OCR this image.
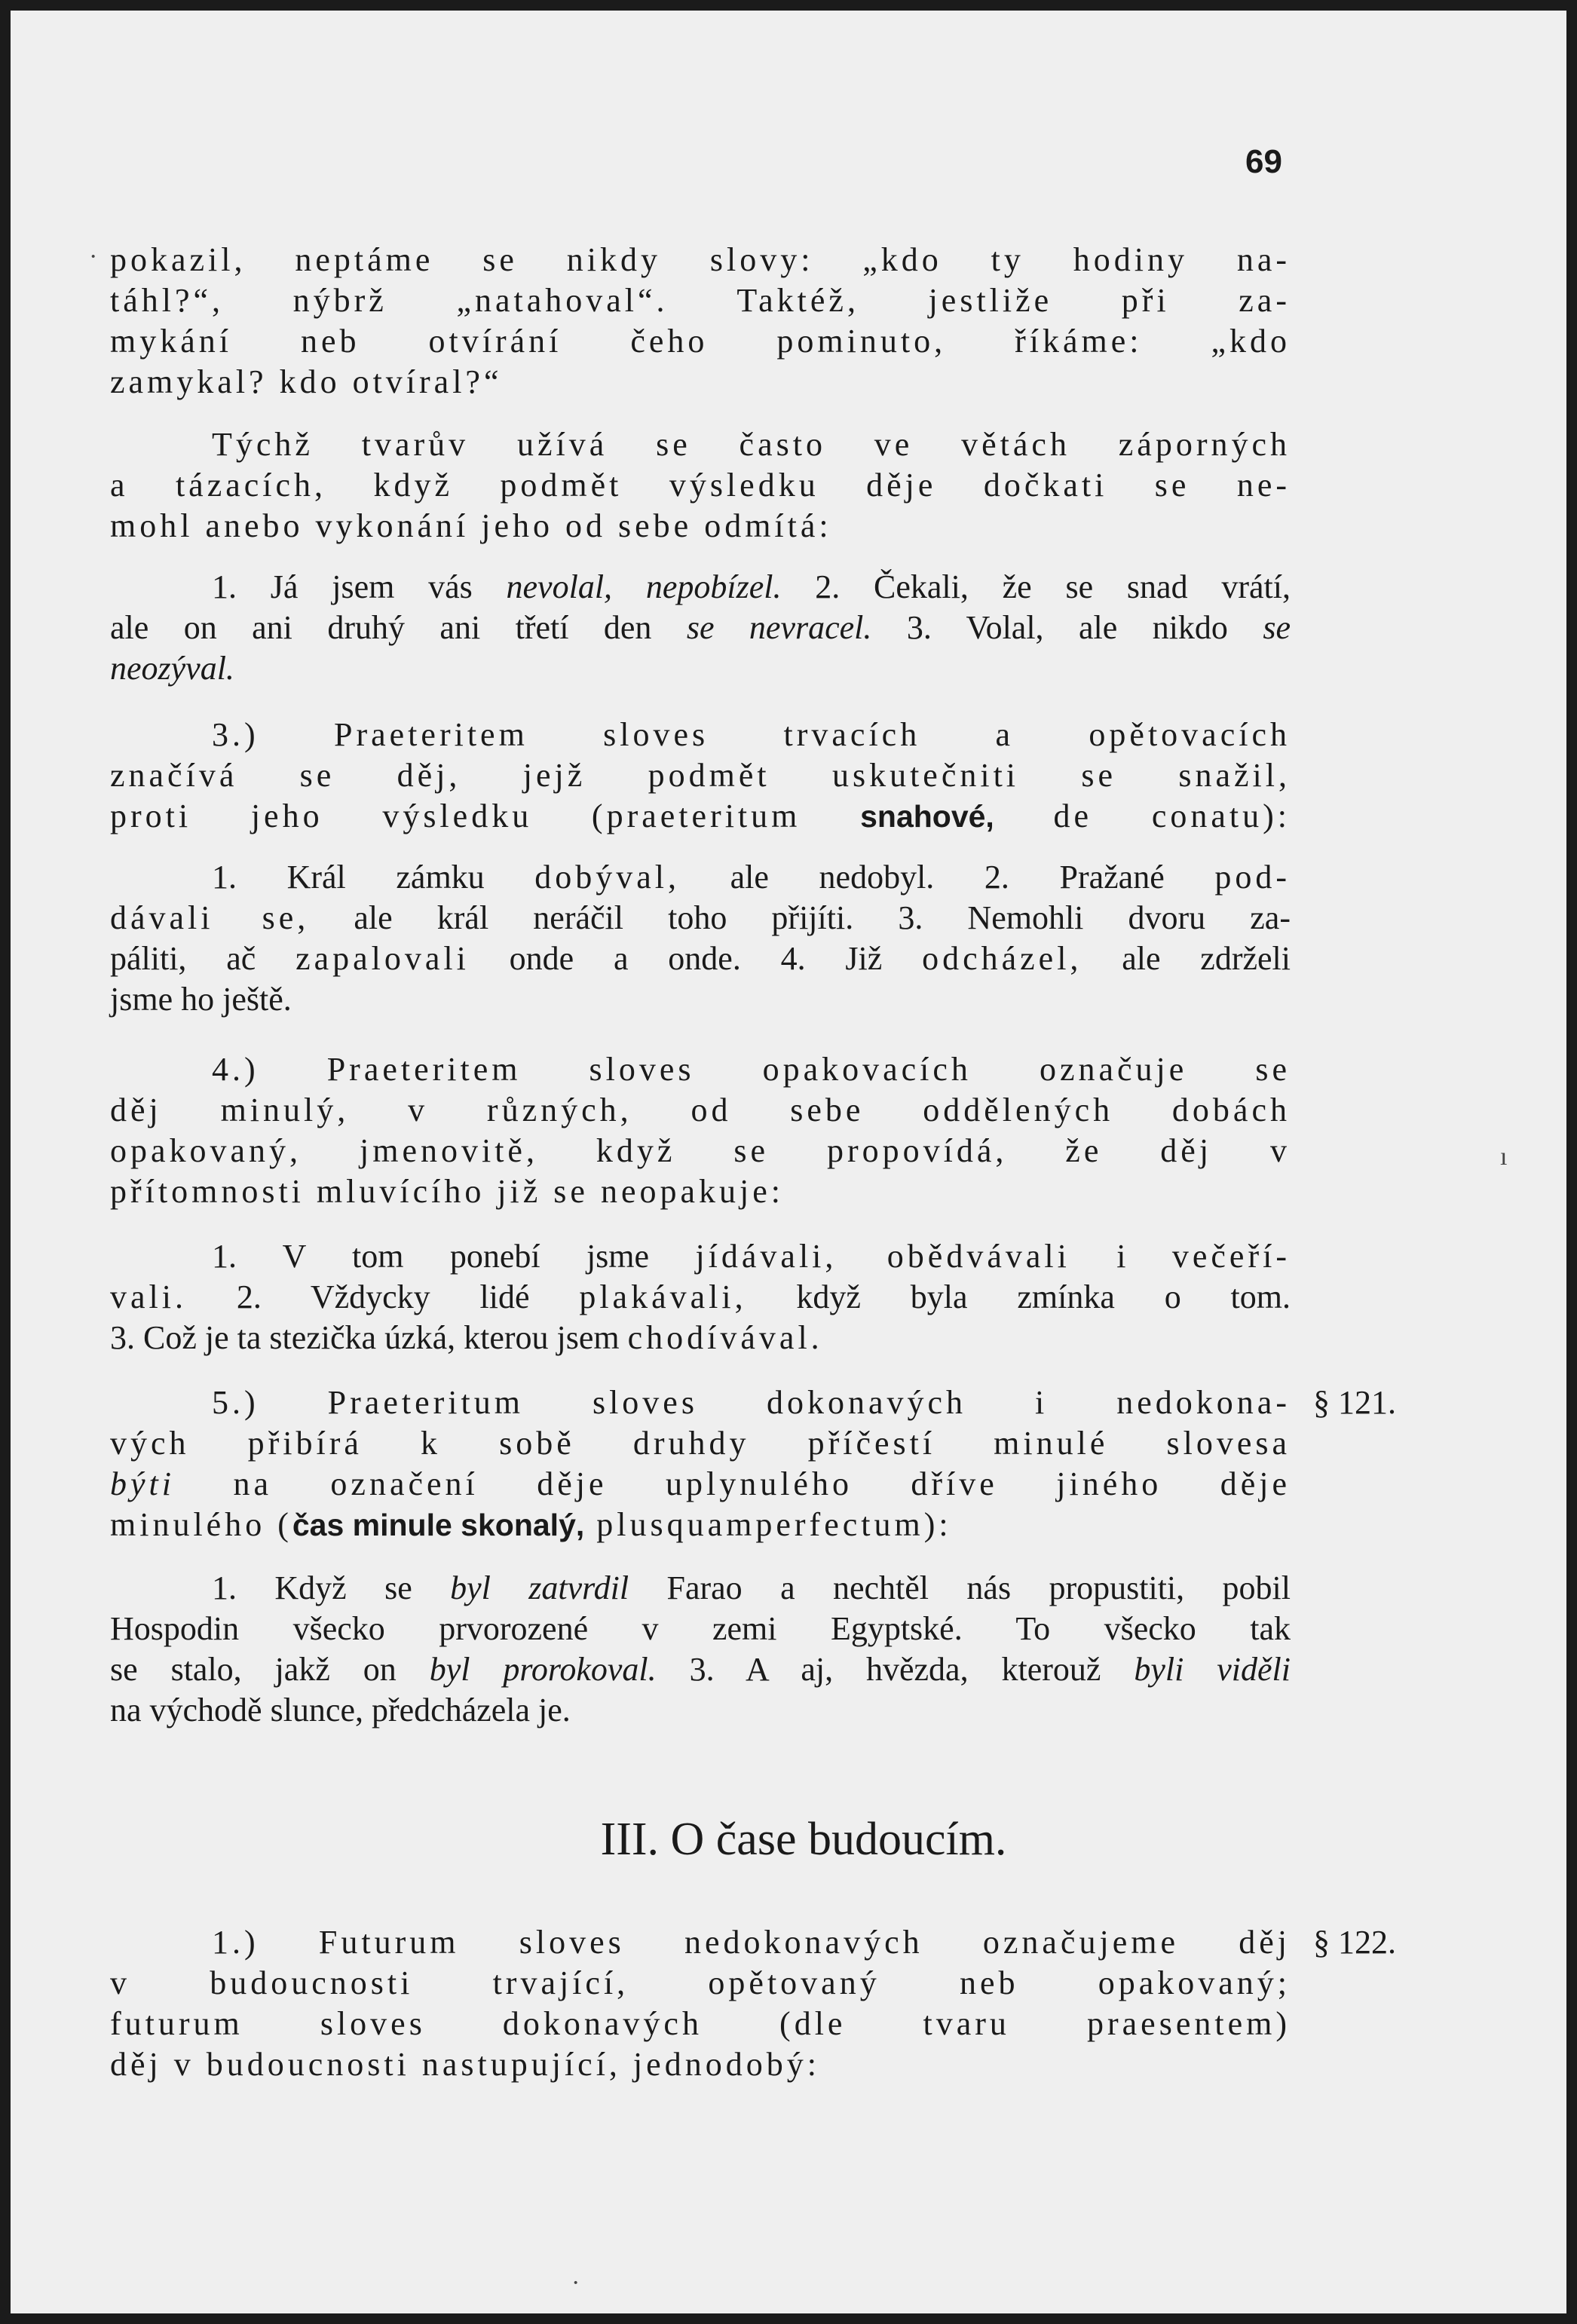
69
pokazil, neptáme se nikdy slovy: „kdo ty hodiny na-
táhl?“, nýbrž „natahoval“. Taktéž, jestliže při za-
mykání neb otvírání čeho pominuto, říkáme: „kdo
zamykal? kdo otvíral?“
Týchž tvarův užívá se často ve větách záporných
a tázacích, když podmět výsledku děje dočkati se ne-
mohl anebo vykonání jeho od sebe odmítá:
1. Já jsem vás nevolal, nepobízel. 2. Čekali, že se snad vrátí,
ale on ani druhý ani třetí den se nevracel. 3. Volal, ale nikdo se
neozýval.
3.) Praeteritem sloves trvacích a opětovacích
značívá se děj, jejž podmět uskutečniti se snažil,
proti jeho výsledku (praeteritum snahové, de conatu):
1. Král zámku dobýval, ale nedobyl. 2. Pražané pod-
dávali se, ale král neráčil toho přijíti. 3. Nemohli dvoru za-
páliti, ač zapalovali onde a onde. 4. Již odcházel, ale zdrželi
jsme ho ještě.
4.) Praeteritem sloves opakovacích označuje se
děj minulý, v různých, od sebe oddělených dobách
opakovaný, jmenovitě, když se propovídá, že děj v
přítomnosti mluvícího již se neopakuje:
1. V tom ponebí jsme jídávali, obědvávali i večeří-
vali. 2. Vždycky lidé plakávali, když byla zmínka o tom.
3. Což je ta stezička úzká, kterou jsem chodívával.
5.) Praeteritum sloves dokonavých i nedokona-
vých přibírá k sobě druhdy příčestí minulé slovesa
býti na označení děje uplynulého dříve jiného děje
minulého (čas minule skonalý, plusquamperfectum):
1. Když se byl zatvrdil Farao a nechtěl nás propustiti, pobil
Hospodin všecko prvorozené v zemi Egyptské. To všecko tak
se stalo, jakž on byl prorokoval. 3. A aj, hvězda, kterouž byli viděli
na východě slunce, předcházela je.
III. O čase budoucím.
1.) Futurum sloves nedokonavých označujeme děj
v budoucnosti trvající, opětovaný neb opakovaný;
futurum sloves dokonavých (dle tvaru praesentem)
děj v budoucnosti nastupující, jednodobý:
§ 121.
§ 122.
·
ı
·
